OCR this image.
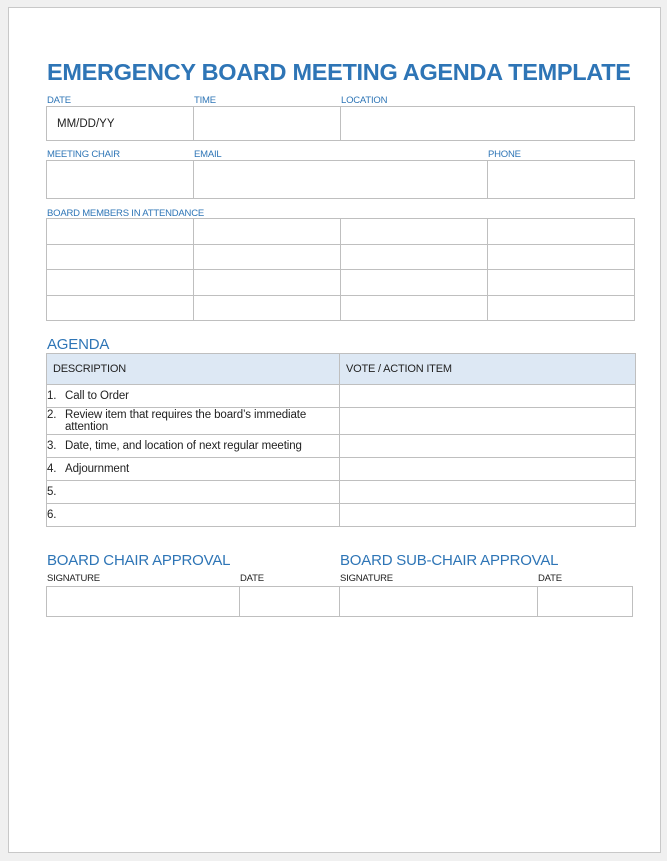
EMERGENCY BOARD MEETING AGENDA TEMPLATE
DATE	TIME	LOCATION
MM/DD/YY		
MEETING CHAIR	EMAIL	PHONE

BOARD MEMBERS IN ATTENDANCE

AGENDA
DESCRIPTION	VOTE / ACTION ITEM
1. Call to Order	
2. Review item that requires the board’s immediate attention	
3. Date, time, and location of next regular meeting	
4. Adjournment	
5.	
6.	
BOARD CHAIR APPROVAL	BOARD SUB-CHAIR APPROVAL
SIGNATURE	DATE	SIGNATURE	DATE
